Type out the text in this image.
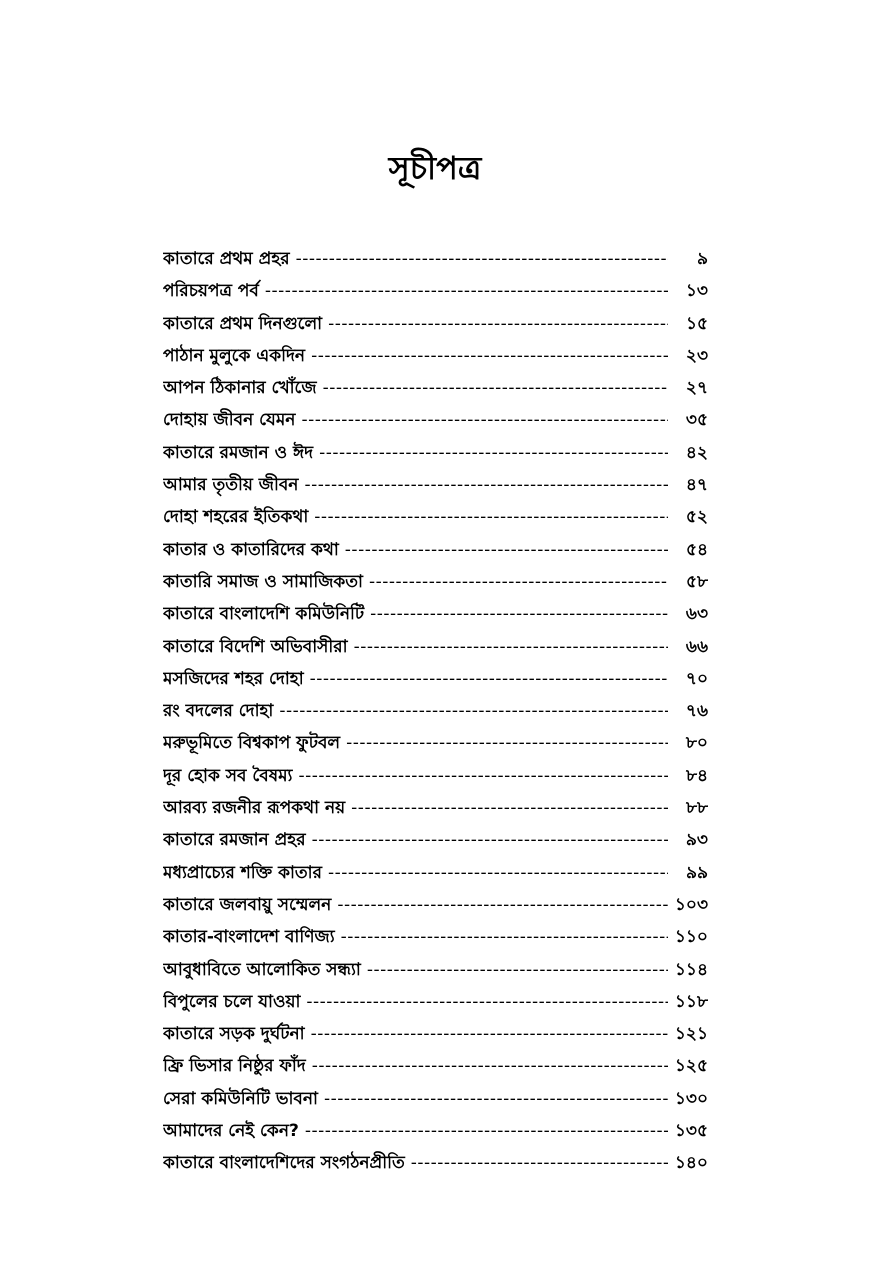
সূচীপত্র
কাতারে প্রথম প্রহর -----	৯
পরিচয়পত্র পর্ব -----	১৩
কাতারে প্রথম দিনগুলো -----	১৫
পাঠান মুলুকে একদিন -----	২৩
আপন ঠিকানার খোঁজে -----	২৭
দোহায় জীবন যেমন -----	৩৫
কাতারে রমজান ও ঈদ -----	৪২
আমার তৃতীয় জীবন -----	৪৭
দোহা শহরের ইতিকথা -----	৫২
কাতার ও কাতারিদের কথা -----	৫৪
কাতারি সমাজ ও সামাজিকতা -----	৫৮
কাতারে বাংলাদেশি কমিউনিটি -----	৬৩
কাতারে বিদেশি অভিবাসীরা -----	৬৬
মসজিদের শহর দোহা -----	৭০
রং বদলের দোহা -----	৭৬
মরুভূমিতে বিশ্বকাপ ফুটবল -----	৮০
দূর হোক সব বৈষম্য -----	৮৪
আরব্য রজনীর রূপকথা নয় -----	৮৮
কাতারে রমজান প্রহর -----	৯৩
মধ্যপ্রাচ্যের শক্তি কাতার -----	৯৯
কাতারে জলবায়ু সম্মেলন -----	১০৩
কাতার-বাংলাদেশ বাণিজ্য -----	১১০
আবুধাবিতে আলোকিত সন্ধ্যা -----	১১৪
বিপুলের চলে যাওয়া -----	১১৮
কাতারে সড়ক দুর্ঘটনা -----	১২১
ফ্রি ভিসার নিষ্ঠুর ফাঁদ -----	১২৫
সেরা কমিউনিটি ভাবনা -----	১৩০
আমাদের নেই কেন? -----	১৩৫
কাতারে বাংলাদেশিদের সংগঠনপ্রীতি -----	১৪০
